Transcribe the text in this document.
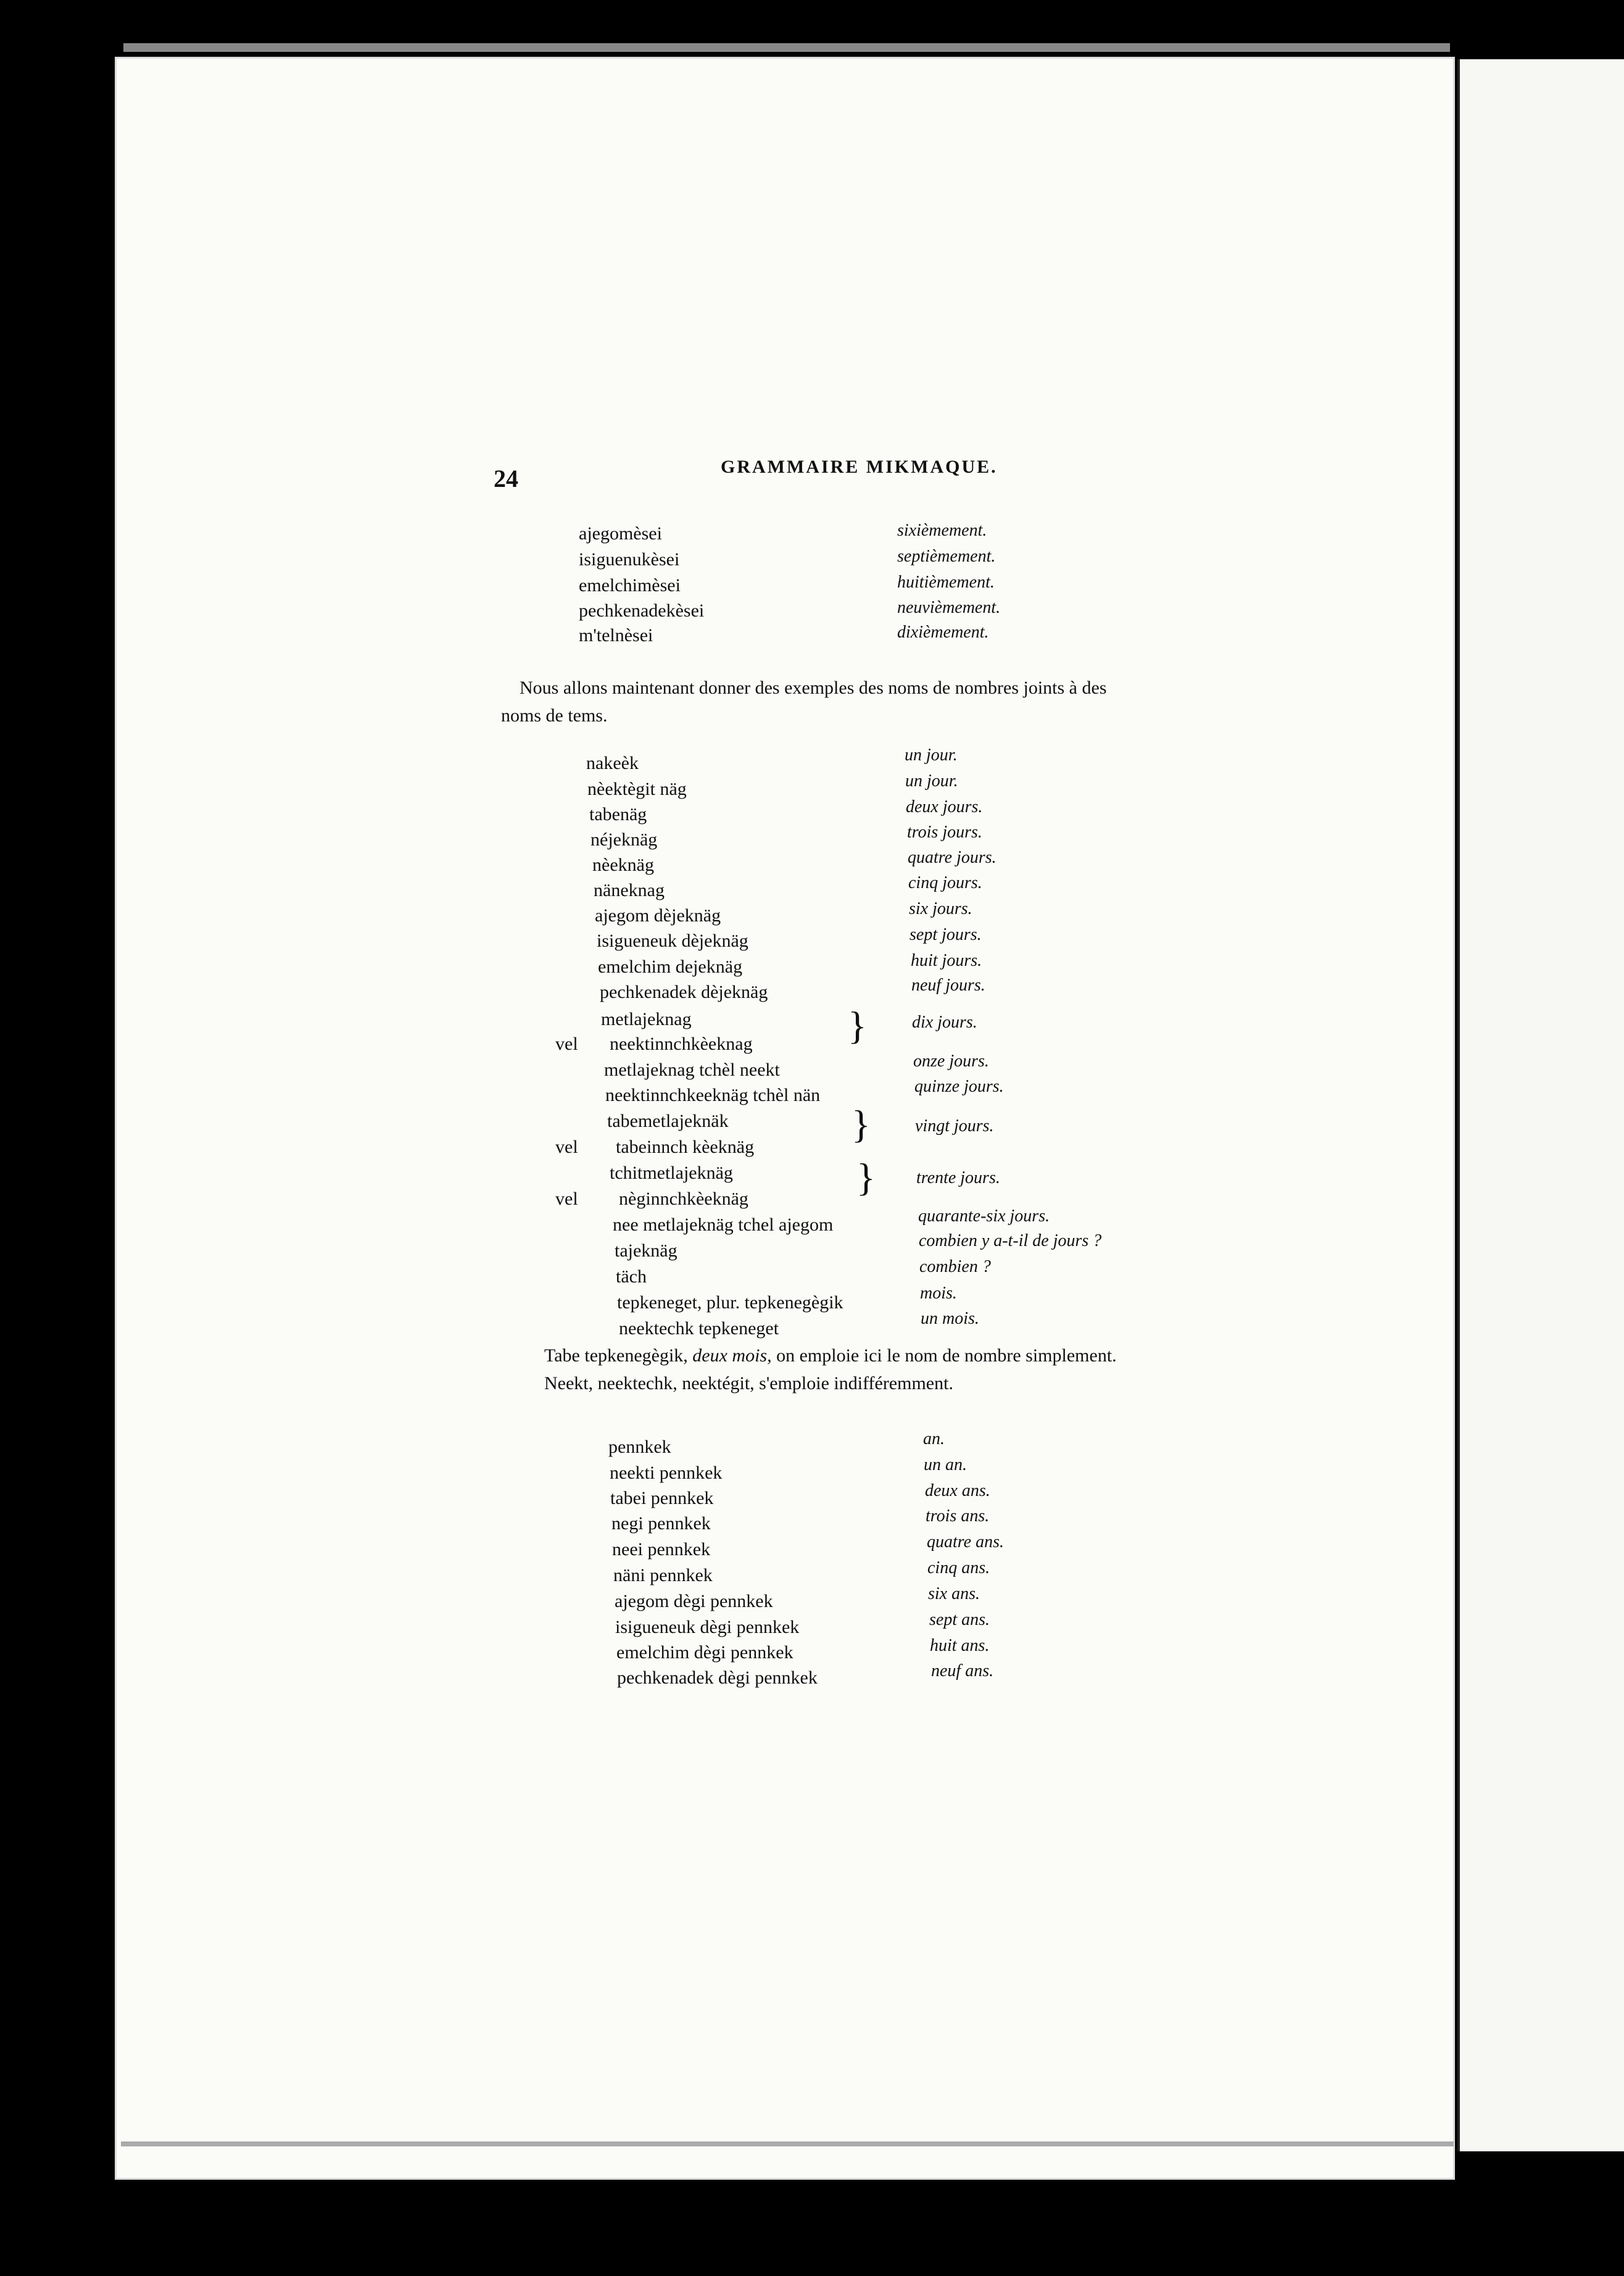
24	GRAMMAIRE MIKMAQUE.
Nous allons maintenant donner des exemples des noms de nombres joints à des
noms de tems.
}
}
}
Tabe tepkenegègik, deux mois, on emploie ici le nom de nombre simplement.
Neekt, neektechk, neektégit, s'emploie indifféremment.
ajegomèsei	sixièmement.
isiguenukèsei	septièmement.
emelchimèsei	huitièmement.
pechkenadekèsei	neuvièmement.
m'telnèsei	dixièmement.
nakeèk	un jour.
nèektègit näg	un jour.
tabenäg	deux jours.
néjeknäg	trois jours.
nèeknäg	quatre jours.
näneknag	cinq jours.
ajegom dèjeknäg	six jours.
isigueneuk dèjeknäg	sept jours.
emelchim dejeknäg	huit jours.
pechkenadek dèjeknäg	neuf jours.
metlajeknag	dix jours.
vel neektinnchkèeknag
metlajeknag tchèl neekt	onze jours.
neektinnchkeeknäg tchèl nän	quinze jours.
tabemetlajeknäk	vingt jours.
vel tabeinnch kèeknäg
tchitmetlajeknäg	trente jours.
vel nèginnchkèeknäg
nee metlajeknäg tchel ajegom	quarante-six jours.
tajeknäg	combien y a-t-il de jours ?
täch	combien ?
tepkeneget, plur. tepkenegègik	mois.
neektechk tepkeneget	un mois.
pennkek	an.
neekti pennkek	un an.
tabei pennkek	deux ans.
negi pennkek	trois ans.
neei pennkek	quatre ans.
näni pennkek	cinq ans.
ajegom dègi pennkek	six ans.
isigueneuk dègi pennkek	sept ans.
emelchim dègi pennkek	huit ans.
pechkenadek dègi pennkek	neuf ans.
